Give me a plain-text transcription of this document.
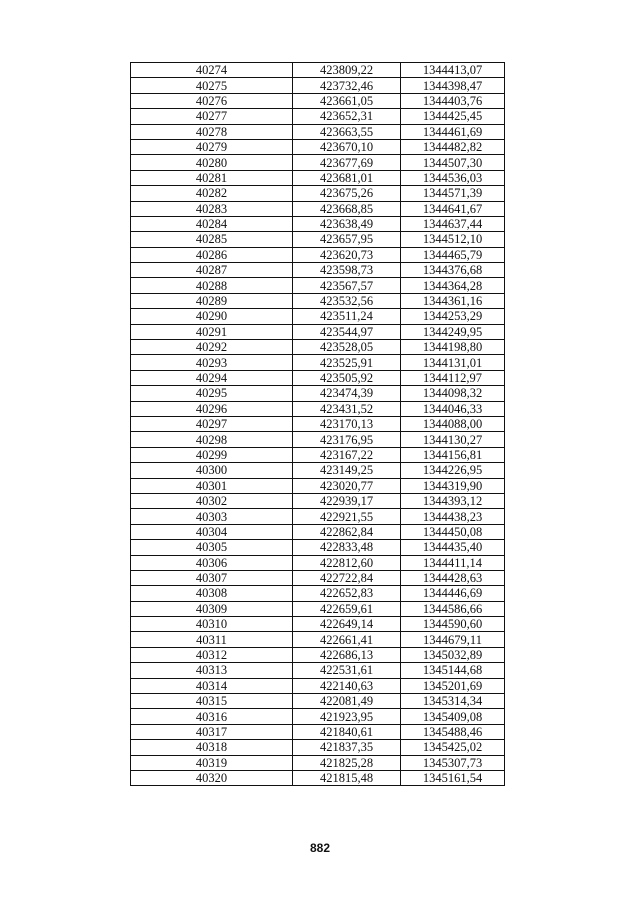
40274	423809,22	1344413,07
40275	423732,46	1344398,47
40276	423661,05	1344403,76
40277	423652,31	1344425,45
40278	423663,55	1344461,69
40279	423670,10	1344482,82
40280	423677,69	1344507,30
40281	423681,01	1344536,03
40282	423675,26	1344571,39
40283	423668,85	1344641,67
40284	423638,49	1344637,44
40285	423657,95	1344512,10
40286	423620,73	1344465,79
40287	423598,73	1344376,68
40288	423567,57	1344364,28
40289	423532,56	1344361,16
40290	423511,24	1344253,29
40291	423544,97	1344249,95
40292	423528,05	1344198,80
40293	423525,91	1344131,01
40294	423505,92	1344112,97
40295	423474,39	1344098,32
40296	423431,52	1344046,33
40297	423170,13	1344088,00
40298	423176,95	1344130,27
40299	423167,22	1344156,81
40300	423149,25	1344226,95
40301	423020,77	1344319,90
40302	422939,17	1344393,12
40303	422921,55	1344438,23
40304	422862,84	1344450,08
40305	422833,48	1344435,40
40306	422812,60	1344411,14
40307	422722,84	1344428,63
40308	422652,83	1344446,69
40309	422659,61	1344586,66
40310	422649,14	1344590,60
40311	422661,41	1344679,11
40312	422686,13	1345032,89
40313	422531,61	1345144,68
40314	422140,63	1345201,69
40315	422081,49	1345314,34
40316	421923,95	1345409,08
40317	421840,61	1345488,46
40318	421837,35	1345425,02
40319	421825,28	1345307,73
40320	421815,48	1345161,54
882
